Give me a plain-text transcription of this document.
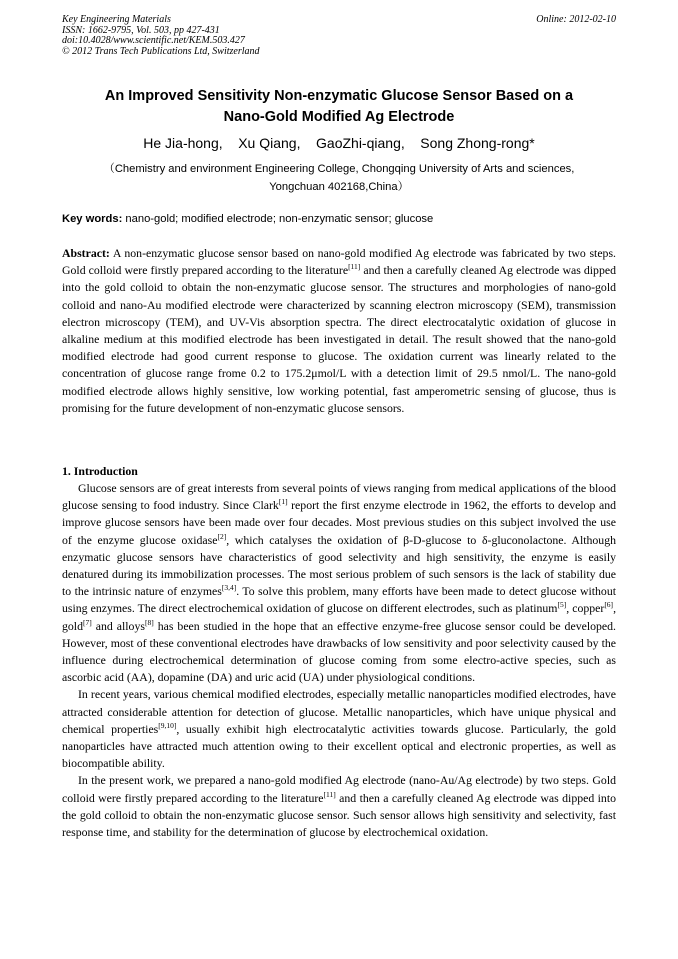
Key Engineering Materials
ISSN: 1662-9795, Vol. 503, pp 427-431
doi:10.4028/www.scientific.net/KEM.503.427
© 2012 Trans Tech Publications Ltd, Switzerland
Online: 2012-02-10
An Improved Sensitivity Non-enzymatic Glucose Sensor Based on a
Nano-Gold Modified Ag Electrode
He Jia-hong,    Xu Qiang,    GaoZhi-qiang,    Song Zhong-rong*
（Chemistry and environment Engineering College, Chongqing University of Arts and sciences,
Yongchuan 402168,China）
Key words: nano-gold; modified electrode; non-enzymatic sensor; glucose

Abstract: A non-enzymatic glucose sensor based on nano-gold modified Ag electrode was fabricated by two steps. Gold colloid were firstly prepared according to the literature[11] and then a carefully cleaned Ag electrode was dipped into the gold colloid to obtain the non-enzymatic glucose sensor. The structures and morphologies of nano-gold colloid and nano-Au modified electrode were characterized by scanning electron microscopy (SEM), transmission electron microscopy (TEM), and UV-Vis absorption spectra. The direct electrocatalytic oxidation of glucose in alkaline medium at this modified electrode has been investigated in detail. The result showed that the nano-gold modified electrode had good current response to glucose. The oxidation current was linearly related to the concentration of glucose range frome 0.2 to 175.2μmol/L with a detection limit of 29.5 nmol/L. The nano-gold modified electrode allows highly sensitive, low working potential, fast amperometric sensing of glucose, thus is promising for the future development of non-enzymatic glucose sensors.

1. Introduction

Glucose sensors are of great interests from several points of views ranging from medical applications of the blood glucose sensing to food industry. Since Clark[1] report the first enzyme electrode in 1962, the efforts to develop and improve glucose sensors have been made over four decades. Most previous studies on this subject involved the use of the enzyme glucose oxidase[2], which catalyses the oxidation of β-D-glucose to δ-gluconolactone. Although enzymatic glucose sensors have characteristics of good selectivity and high sensitivity, the enzyme is easily denatured during its immobilization processes. The most serious problem of such sensors is the lack of stability due to the intrinsic nature of enzymes[3,4]. To solve this problem, many efforts have been made to detect glucose without using enzymes. The direct electrochemical oxidation of glucose on different electrodes, such as platinum[5], copper[6], gold[7] and alloys[8] has been studied in the hope that an effective enzyme-free glucose sensor could be developed. However, most of these conventional electrodes have drawbacks of low sensitivity and poor selectivity caused by the influence during electrochemical determination of glucose coming from some electro-active species, such as ascorbic acid (AA), dopamine (DA) and uric acid (UA) under physiological conditions.

In recent years, various chemical modified electrodes, especially metallic nanoparticles modified electrodes, have attracted considerable attention for detection of glucose. Metallic nanoparticles, which have unique physical and chemical properties[9,10], usually exhibit high electrocatalytic activities towards glucose. Particularly, the gold nanoparticles have attracted much attention owing to their excellent optical and electronic properties, as well as biocompatible ability.

In the present work, we prepared a nano-gold modified Ag electrode (nano-Au/Ag electrode) by two steps. Gold colloid were firstly prepared according to the literature[11] and then a carefully cleaned Ag electrode was dipped into the gold colloid to obtain the non-enzymatic glucose sensor. Such sensor allows high sensitivity and selectivity, fast response time, and stability for the determination of glucose by electrochemical oxidation.
